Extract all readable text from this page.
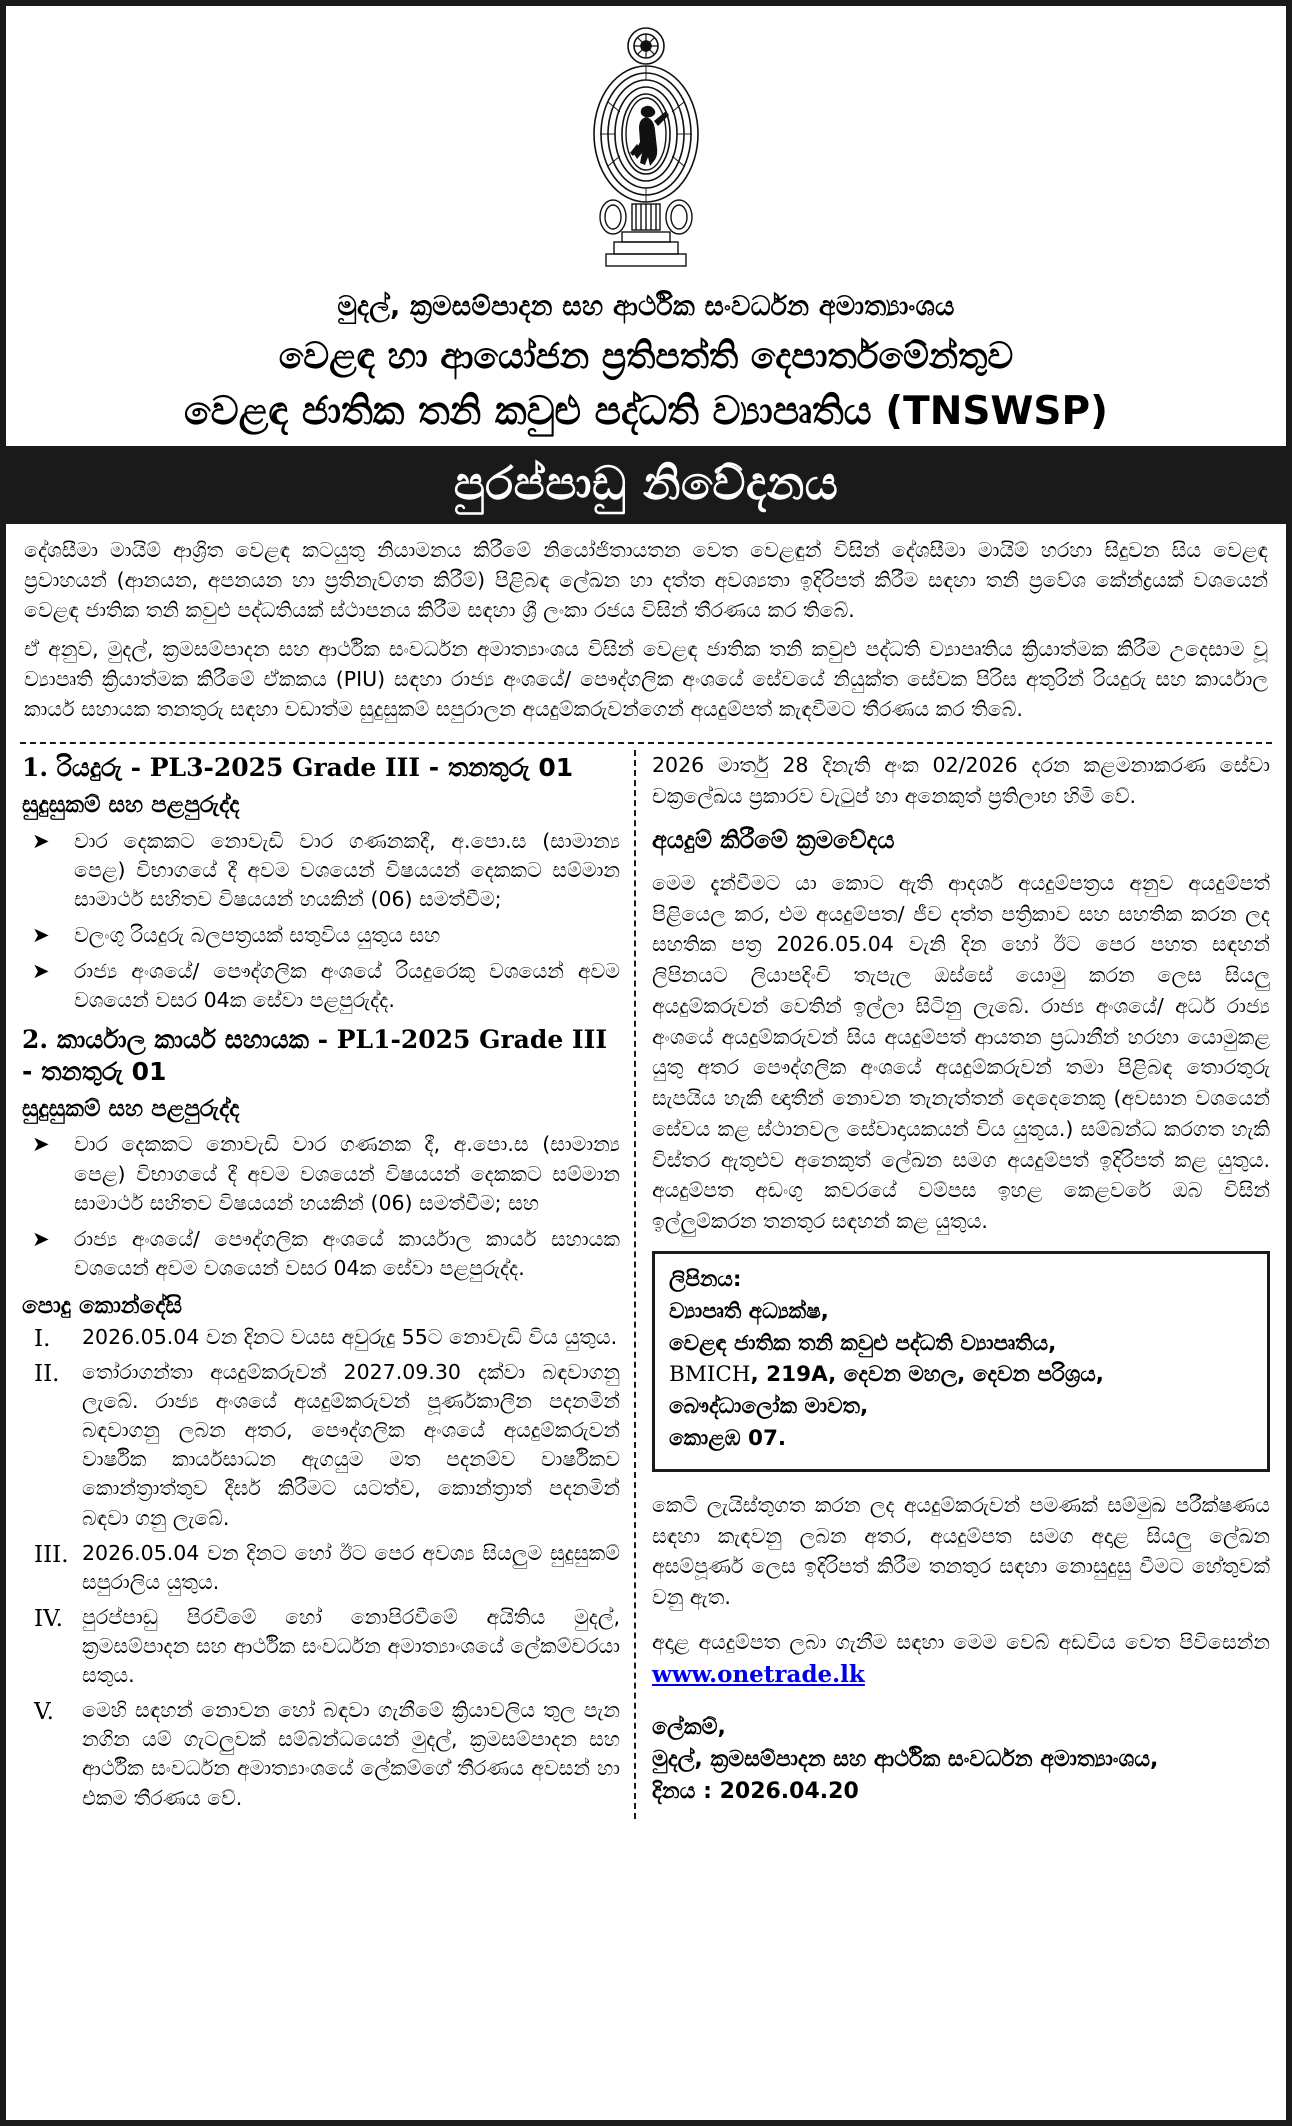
මුදල්, ක්‍රමසම්පාදන සහ ආර්ථික සංවර්ධන අමාත්‍යාංශය
වෙළඳ හා ආයෝජන ප්‍රතිපත්ති දෙපාර්තමේන්තුව
වෙළඳ ජාතික තනි කවුළු පද්ධති ව්‍යාපෘතිය (TNSWSP)
පුරප්පාඩු නිවේදනය

දේශසීමා මායිම් ආශ්‍රිත වෙළඳ කටයුතු නියාමනය කිරීමේ නියෝජිතායතන වෙත වෙළඳුන් විසින් දේශසීමා මායිම් හරහා සිදුවන සිය වෙළඳ ප්‍රවාහයන් (ආනයන, අපනයන හා ප්‍රතිනැව්ගත කිරීම්) පිළිබඳ ලේඛන හා දත්ත අවශ්‍යතා ඉදිරිපත් කිරීම සඳහා තනි ප්‍රවේශ කේන්ද්‍රයක් වශයෙන් වෙළඳ ජාතික තනි කවුළු පද්ධතියක් ස්ථාපනය කිරීම සඳහා ශ්‍රී ලංකා රජය විසින් තීරණය කර තිබේ.

ඒ අනුව, මුදල්, ක්‍රමසම්පාදන සහ ආර්ථික සංවර්ධන අමාත්‍යාංශය විසින් වෙළඳ ජාතික තනි කවුළු පද්ධති ව්‍යාපෘතිය ක්‍රියාත්මක කිරීම උදෙසාම වූ ව්‍යාපෘති ක්‍රියාත්මක කිරීමේ ඒකකය (PIU) සඳහා රාජ්‍ය අංශයේ/ පෞද්ගලික අංශයේ සේවයේ නියුක්ත සේවක පිරිස අතුරින් රියදුරු සහ කාර්යාල කාර්ය සහායක තනතුරු සඳහා වඩාත්ම සුදුසුකම් සපුරාලන අයදුම්කරුවන්ගෙන් අයදුම්පත් කැඳවීමට තීරණය කර තිබේ.

1. රියදුරු - PL3-2025 Grade III - තනතුරු 01
සුදුසුකම් සහ පළපුරුද්ද
➤ වාර දෙකකට නොවැඩි වාර ගණනකදී, අ.පො.ස (සාමාන්‍ය පෙළ) විභාගයේ දී අවම වශයෙන් විෂයයන් දෙකකට සම්මාන සාමාර්ථ සහිතව විෂයයන් හයකින් (06) සමත්වීම;
➤ වලංගු රියදුරු බලපත්‍රයක් සතුවිය යුතුය සහ
➤ රාජ්‍ය අංශයේ/ පෞද්ගලික අංශයේ රියදුරෙකු වශයෙන් අවම වශයෙන් වසර 04ක සේවා පළපුරුද්ද.
2. කාර්යාල කාර්ය සහායක - PL1-2025 Grade III - තනතුරු 01
සුදුසුකම් සහ පළපුරුද්ද
➤ වාර දෙකකට නොවැඩි වාර ගණනක දී, අ.පො.ස (සාමාන්‍ය පෙළ) විභාගයේ දී අවම වශයෙන් විෂයයන් දෙකකට සම්මාන සාමාර්ථ සහිතව විෂයයන් හයකින් (06) සමත්වීම; සහ
➤ රාජ්‍ය අංශයේ/ පෞද්ගලික අංශයේ කාර්යාල කාර්ය සහායක වශයෙන් අවම වශයෙන් වසර 04ක සේවා පළපුරුද්ද.
පොදු කොන්දේසි
I. 2026.05.04 වන දිනට වයස අවුරුදු 55ට නොවැඩි විය යුතුය.
II. තෝරාගන්තා අයදුම්කරුවන් 2027.09.30 දක්වා බඳවාගනු ලැබේ. රාජ්‍ය අංශයේ අයදුම්කරුවන් පූර්ණකාලීන පදනමින් බඳවාගනු ලබන අතර, පෞද්ගලික අංශයේ අයදුම්කරුවන් වාර්ෂික කාර්යසාධන ඇගයුම මත පදනම්ව වාර්ෂිකව කොන්ත්‍රාත්තුව දීර්ඝ කිරීමට යටත්ව, කොන්ත්‍රාත් පදනමින් බඳවා ගනු ලැබේ.
III. 2026.05.04 වන දිනට හෝ ඊට පෙර අවශ්‍ය සියලුම සුදුසුකම් සපුරාලිය යුතුය.
IV. පුරප්පාඩු පිරවීමේ හෝ නොපිරවීමේ අයිතිය මුදල්, ක්‍රමසම්පාදන සහ ආර්ථික සංවර්ධන අමාත්‍යාංශයේ ලේකම්වරයා සතුය.
V. මෙහි සඳහන් නොවන හෝ බඳවා ගැනීමේ ක්‍රියාවලිය තුල පැන නගින යම් ගැටලුවක් සම්බන්ධයෙන් මුදල්, ක්‍රමසම්පාදන සහ ආර්ථික සංවර්ධන අමාත්‍යාංශයේ ලේකම්ගේ තීරණය අවසන් හා එකම තීරණය වේ.

2026 මාර්තු 28 දිනැති අංක 02/2026 දරන කළමනාකරණ සේවා චක්‍රලේඛය ප්‍රකාරව වැටුප් හා අනෙකුත් ප්‍රතිලාභ හිමි වේ.

අයදුම් කිරීමේ ක්‍රමවේදය

මෙම දැන්වීමට යා කොට ඇති ආදර්ශ අයදුම්පත්‍රය අනුව අයදුම්පත් පිළියෙල කර, එම අයදුම්පත/ ජීව දත්ත පත්‍රිකාව සහ සහතික කරන ලද සහතික පත්‍ර 2026.05.04 වැනි දින හෝ ඊට පෙර පහත සඳහන් ලිපිනයට ලියාපදිංචි තැපැල ඔස්සේ යොමු කරන ලෙස සියලු අයදුම්කරුවන් වෙතින් ඉල්ලා සිටිනු ලැබේ. රාජ්‍ය අංශයේ/ අර්ධ රාජ්‍ය අංශයේ අයදුම්කරුවන් සිය අයදුම්පත් ආයතන ප්‍රධානීන් හරහා යොමුකළ යුතු අතර පෞද්ගලික අංශයේ අයදුම්කරුවන් තමා පිළිබඳ තොරතුරු සැපයිය හැකි ඥාතීන් නොවන තැනැත්තන් දෙදෙනෙකු (අවසාන වශයෙන් සේවය කළ ස්ථානවල සේවාදායකයන් විය යුතුය.) සම්බන්ධ කරගත හැකි විස්තර ඇතුළුව අනෙකුත් ලේඛන සමග අයදුම්පත් ඉදිරිපත් කළ යුතුය. අයදුම්පත අඩංගු කවරයේ වම්පස ඉහළ කෙළවරේ ඔබ විසින් ඉල්ලුම්කරන තනතුර සඳහන් කළ යුතුය.

ලිපිනය:
ව්‍යාපෘති අධ්‍යක්ෂ,
වෙළඳ ජාතික තනි කවුළු පද්ධති ව්‍යාපෘතිය,
BMICH, 219A, දෙවන මහල, දෙවන පරිශ්‍රය,
බෞද්ධාලෝක මාවත,
කොළඹ 07.

කෙටි ලැයිස්තුගත කරන ලද අයදුම්කරුවන් පමණක් සම්මුඛ පරීක්ෂණය සඳහා කැඳවනු ලබන අතර, අයදුම්පත සමග අදාළ සියලු ලේඛන අසම්පූර්ණ ලෙස ඉදිරිපත් කිරීම තනතුර සඳහා නොසුදුසු වීමට හේතුවක් වනු ඇත.

අදාළ අයදුම්පත ලබා ගැනීම සඳහා මෙම වෙබ් අඩවිය වෙත පිවිසෙන්න www.onetrade.lk

ලේකම්,
මුදල්, ක්‍රමසම්පාදන සහ ආර්ථික සංවර්ධන අමාත්‍යාංශය,
දිනය : 2026.04.20
